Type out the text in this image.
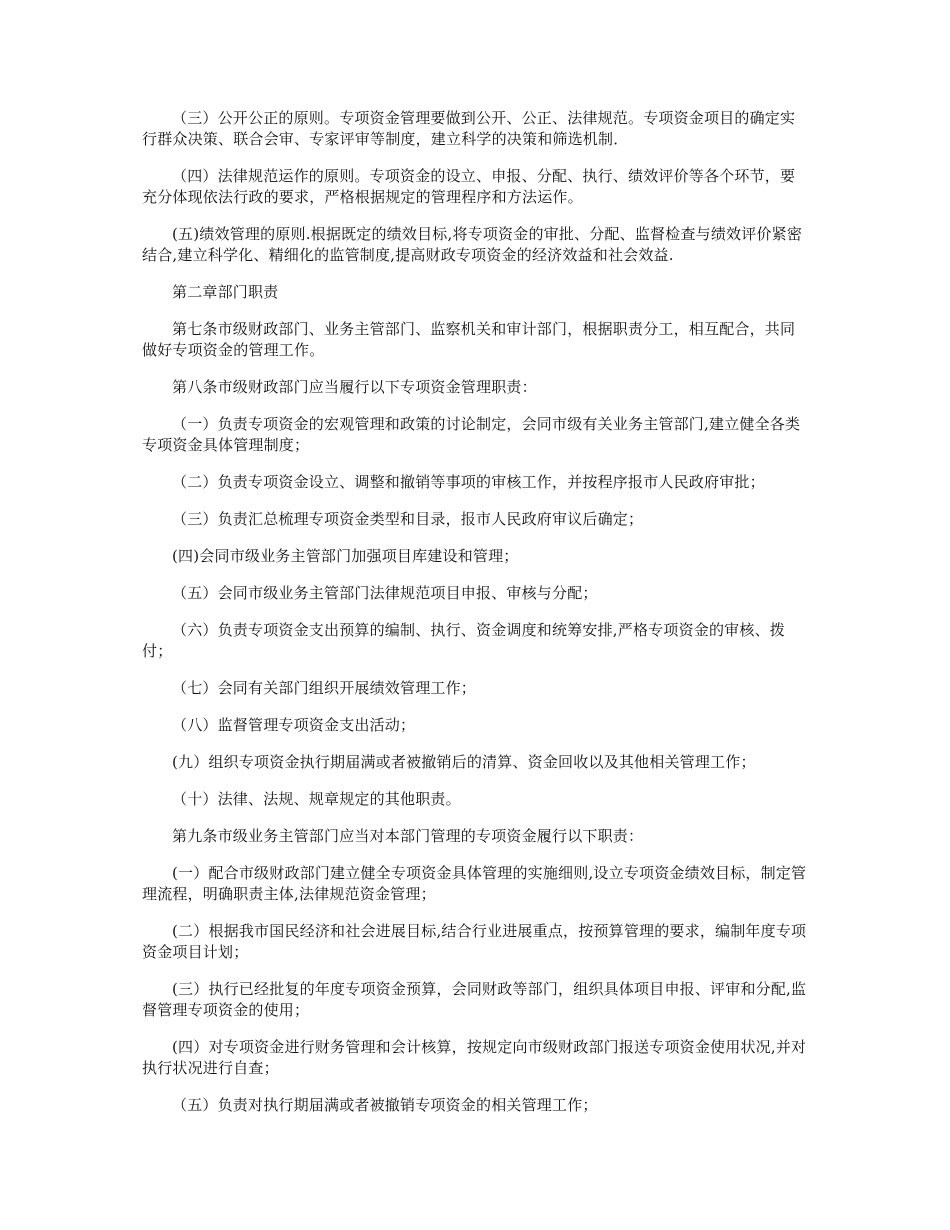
（三）公开公正的原则。专项资金管理要做到公开、公正、法律规范。专项资金项目的确定实行群众决策、联合会审、专家评审等制度，建立科学的决策和筛选机制．

（四）法律规范运作的原则。专项资金的设立、申报、分配、执行、绩效评价等各个环节，要充分体现依法行政的要求，严格根据规定的管理程序和方法运作。

(五)绩效管理的原则.根据既定的绩效目标,将专项资金的审批、分配、监督检查与绩效评价紧密结合,建立科学化、精细化的监管制度,提高财政专项资金的经济效益和社会效益.

第二章部门职责

第七条市级财政部门、业务主管部门、监察机关和审计部门，根据职责分工，相互配合，共同做好专项资金的管理工作。

第八条市级财政部门应当履行以下专项资金管理职责：

（一）负责专项资金的宏观管理和政策的讨论制定，会同市级有关业务主管部门,建立健全各类专项资金具体管理制度；

（二）负责专项资金设立、调整和撤销等事项的审核工作，并按程序报市人民政府审批；

（三）负责汇总梳理专项资金类型和目录，报市人民政府审议后确定；

(四)会同市级业务主管部门加强项目库建设和管理；

（五）会同市级业务主管部门法律规范项目申报、审核与分配；

（六）负责专项资金支出预算的编制、执行、资金调度和统筹安排,严格专项资金的审核、拨付；

（七）会同有关部门组织开展绩效管理工作；

（八）监督管理专项资金支出活动；

(九）组织专项资金执行期届满或者被撤销后的清算、资金回收以及其他相关管理工作；

（十）法律、法规、规章规定的其他职责。

第九条市级业务主管部门应当对本部门管理的专项资金履行以下职责：

(一）配合市级财政部门建立健全专项资金具体管理的实施细则,设立专项资金绩效目标，制定管理流程，明确职责主体,法律规范资金管理；

(二）根据我市国民经济和社会进展目标,结合行业进展重点，按预算管理的要求，编制年度专项资金项目计划；

(三）执行已经批复的年度专项资金预算，会同财政等部门，组织具体项目申报、评审和分配,监督管理专项资金的使用；

(四）对专项资金进行财务管理和会计核算，按规定向市级财政部门报送专项资金使用状况,并对执行状况进行自查；

（五）负责对执行期届满或者被撤销专项资金的相关管理工作；
